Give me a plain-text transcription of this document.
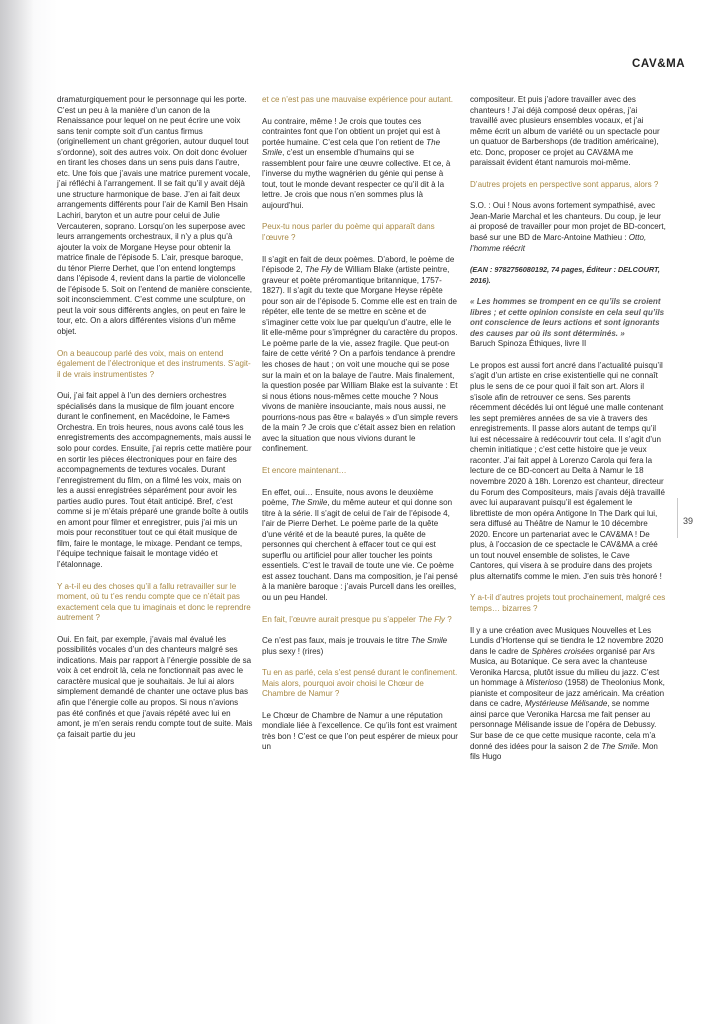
CAV&MA
39

dramaturgiquement pour le personnage qui les porte. C’est un peu à la manière d’un canon de la Renaissance pour lequel on ne peut écrire une voix sans tenir compte soit d’un cantus firmus (originellement un chant grégorien, autour duquel tout s’ordonne), soit des autres voix. On doit donc évoluer en tirant les choses dans un sens puis dans l’autre, etc. Une fois que j’avais une matrice purement vocale, j’ai réfléchi à l’arrangement. Il se fait qu’il y avait déjà une structure harmonique de base. J’en ai fait deux arrangements différents pour l’air de Kamil Ben Hsain Lachiri, baryton et un autre pour celui de Julie Vercauteren, soprano. Lorsqu’on les superpose avec leurs arrangements orchestraux, il n’y a plus qu’à ajouter la voix de Morgane Heyse pour obtenir la matrice finale de l’épisode 5. L’air, presque baroque, du ténor Pierre Derhet, que l’on entend longtemps dans l’épisode 4, revient dans la partie de violoncelle de l’épisode 5. Soit on l’entend de manière consciente, soit inconsciemment. C’est comme une sculpture, on peut la voir sous différents angles, on peut en faire le tour, etc. On a alors différentes visions d’un même objet.

On a beaucoup parlé des voix, mais on entend également de l’électronique et des instruments. S’agit-il de vrais instrumentistes ?

Oui, j’ai fait appel à l’un des derniers orchestres spécialisés dans la musique de film jouant encore durant le confinement, en Macédoine, le Fame•s Orchestra. En trois heures, nous avons calé tous les enregistrements des accompagnements, mais aussi le solo pour cordes. Ensuite, j’ai repris cette matière pour en sortir les pièces électroniques pour en faire des accompagnements de textures vocales. Durant l’enregistrement du film, on a filmé les voix, mais on les a aussi enregistrées séparément pour avoir les parties audio pures. Tout était anticipé. Bref, c’est comme si je m’étais préparé une grande boîte à outils en amont pour filmer et enregistrer, puis j’ai mis un mois pour reconstituer tout ce qui était musique de film, faire le montage, le mixage. Pendant ce temps, l’équipe technique faisait le montage vidéo et l’étalonnage.

Y a-t-il eu des choses qu’il a fallu retravailler sur le moment, où tu t’es rendu compte que ce n’était pas exactement cela que tu imaginais et donc le reprendre autrement ?

Oui. En fait, par exemple, j’avais mal évalué les possibilités vocales d’un des chanteurs malgré ses indications. Mais par rapport à l’énergie possible de sa voix à cet endroit là, cela ne fonctionnait pas avec le caractère musical que je souhaitais. Je lui ai alors simplement demandé de chanter une octave plus bas afin que l’énergie colle au propos. Si nous n’avions pas été confinés et que j’avais répété avec lui en amont, je m’en serais rendu compte tout de suite. Mais ça faisait partie du jeu

et ce n’est pas une mauvaise expérience pour autant.

Au contraire, même ! Je crois que toutes ces contraintes font que l’on obtient un projet qui est à portée humaine. C’est cela que l’on retient de The Smile, c’est un ensemble d’humains qui se rassemblent pour faire une œuvre collective. Et ce, à l’inverse du mythe wagnérien du génie qui pense à tout, tout le monde devant respecter ce qu’il dit à la lettre. Je crois que nous n’en sommes plus là aujourd’hui.

Peux-tu nous parler du poème qui apparaît dans l’œuvre ?

Il s’agit en fait de deux poèmes. D’abord, le poème de l’épisode 2, The Fly de William Blake (artiste peintre, graveur et poète préromantique britannique, 1757-1827). Il s’agit du texte que Morgane Heyse répète pour son air de l’épisode 5. Comme elle est en train de répéter, elle tente de se mettre en scène et de s’imaginer cette voix lue par quelqu’un d’autre, elle le lit elle-même pour s’imprégner du caractère du propos. Le poème parle de la vie, assez fragile. Que peut-on faire de cette vérité ? On a parfois tendance à prendre les choses de haut ; on voit une mouche qui se pose sur la main et on la balaye de l’autre. Mais finalement, la question posée par William Blake est la suivante : Et si nous étions nous-mêmes cette mouche ? Nous vivons de manière insouciante, mais nous aussi, ne pourrions-nous pas être « balayés » d’un simple revers de la main ? Je crois que c’était assez bien en relation avec la situation que nous vivions durant le confinement.

Et encore maintenant…

En effet, oui… Ensuite, nous avons le deuxième poème, The Smile, du même auteur et qui donne son titre à la série. Il s’agit de celui de l’air de l’épisode 4, l’air de Pierre Derhet. Le poème parle de la quête d’une vérité et de la beauté pures, la quête de personnes qui cherchent à effacer tout ce qui est superflu ou artificiel pour aller toucher les points essentiels. C’est le travail de toute une vie. Ce poème est assez touchant. Dans ma composition, je l’ai pensé à la manière baroque : j’avais Purcell dans les oreilles, ou un peu Handel.

En fait, l’œuvre aurait presque pu s’appeler The Fly ?

Ce n’est pas faux, mais je trouvais le titre The Smile plus sexy ! (rires)

Tu en as parlé, cela s’est pensé durant le confinement. Mais alors, pourquoi avoir choisi le Chœur de Chambre de Namur ?

Le Chœur de Chambre de Namur a une réputation mondiale liée à l’excellence. Ce qu’ils font est vraiment très bon ! C’est ce que l’on peut espérer de mieux pour un

compositeur. Et puis j’adore travailler avec des chanteurs ! J’ai déjà composé deux opéras, j’ai travaillé avec plusieurs ensembles vocaux, et j’ai même écrit un album de variété ou un spectacle pour un quatuor de Barbershops (de tradition américaine), etc. Donc, proposer ce projet au CAV&MA me paraissait évident étant namurois moi-même.

D’autres projets en perspective sont apparus, alors ?

S.O. : Oui ! Nous avons fortement sympathisé, avec Jean-Marie Marchal et les chanteurs. Du coup, je leur ai proposé de travailler pour mon projet de BD-concert, basé sur une BD de Marc-Antoine Mathieu : Otto, l’homme réécrit

(EAN : 9782756080192, 74 pages, Éditeur : DELCOURT, 2016).

« Les hommes se trompent en ce qu’ils se croient libres ; et cette opinion consiste en cela seul qu’ils ont conscience de leurs actions et sont ignorants des causes par où ils sont déterminés. »
Baruch Spinoza Éthiques, livre II

Le propos est aussi fort ancré dans l’actualité puisqu’il s’agit d’un artiste en crise existentielle qui ne connaît plus le sens de ce pour quoi il fait son art. Alors il s’isole afin de retrouver ce sens. Ses parents récemment décédés lui ont légué une malle contenant les sept premières années de sa vie à travers des enregistrements. Il passe alors autant de temps qu’il lui est nécessaire à redécouvrir tout cela. Il s’agit d’un chemin initiatique ; c’est cette histoire que je veux raconter. J’ai fait appel à Lorenzo Carola qui fera la lecture de ce BD-concert au Delta à Namur le 18 novembre 2020 à 18h. Lorenzo est chanteur, directeur du Forum des Compositeurs, mais j’avais déjà travaillé avec lui auparavant puisqu’il est également le librettiste de mon opéra Antigone In The Dark qui lui, sera diffusé au Théâtre de Namur le 10 décembre 2020. Encore un partenariat avec le CAV&MA ! De plus, à l’occasion de ce spectacle le CAV&MA a créé un tout nouvel ensemble de solistes, le Cave Cantores, qui visera à se produire dans des projets plus alternatifs comme le mien. J’en suis très honoré !

Y a-t-il d’autres projets tout prochainement, malgré ces temps… bizarres ?

Il y a une création avec Musiques Nouvelles et Les Lundis d’Hortense qui se tiendra le 12 novembre 2020 dans le cadre de Sphères croisées organisé par Ars Musica, au Botanique. Ce sera avec la chanteuse Veronika Harcsa, plutôt issue du milieu du jazz. C’est un hommage à Misterioso (1958) de Theolonius Monk, pianiste et compositeur de jazz américain. Ma création dans ce cadre, Mystérieuse Mélisande, se nomme ainsi parce que Veronika Harcsa me fait penser au personnage Mélisande issue de l’opéra de Debussy. Sur base de ce que cette musique raconte, cela m’a donné des idées pour la saison 2 de The Smile. Mon fils Hugo
